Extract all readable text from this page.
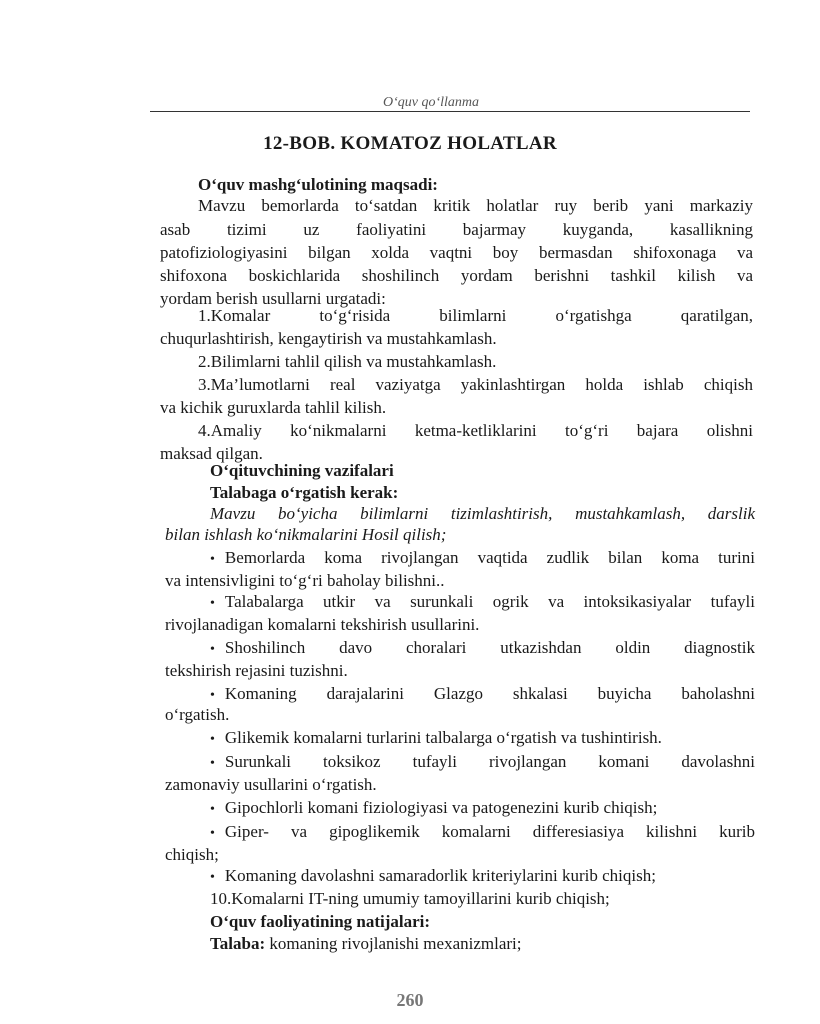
O‘quv qo‘llanma
12-BOB. KOMATOZ HOLATLAR
O‘quv mashg‘ulotining maqsadi:
Mavzu bemorlarda to‘satdan kritik holatlar ruy berib yani markaziy
asab tizimi uz faoliyatini bajarmay kuyganda, kasallikning
patofiziologiyasini bilgan xolda vaqtni boy bermasdan shifoxonaga va
shifoxona boskichlarida shoshilinch yordam berishni tashkil kilish va
yordam berish usullarni urgatadi:
1.Komalar to‘g‘risida bilimlarni o‘rgatishga qaratilgan,
chuqurlashtirish, kengaytirish va mustahkamlash.
2.Bilimlarni tahlil qilish va mustahkamlash.
3.Ma’lumotlarni real vaziyatga yakinlashtirgan holda ishlab chiqish
va kichik guruxlarda tahlil kilish.
4.Amaliy ko‘nikmalarni ketma-ketliklarini to‘g‘ri bajara olishni
maksad qilgan.
O‘qituvchining vazifalari
Talabaga o‘rgatish kerak:
Mavzu bo‘yicha bilimlarni tizimlashtirish, mustahkamlash, darslik
bilan ishlash ko‘nikmalarini Hosil qilish;
• Bemorlarda koma rivojlangan vaqtida zudlik bilan koma turini
va intensivligini to‘g‘ri baholay bilishni..
• Talabalarga utkir va surunkali ogrik va intoksikasiyalar tufayli
rivojlanadigan komalarni tekshirish usullarini.
• Shoshilinch davo choralari utkazishdan oldin diagnostik
tekshirish rejasini tuzishni.
• Komaning darajalarini Glazgo shkalasi buyicha baholashni
o‘rgatish.
• Glikemik komalarni turlarini talbalarga o‘rgatish va tushintirish.
• Surunkali toksikoz tufayli rivojlangan komani davolashni
zamonaviy usullarini o‘rgatish.
• Gipochlorli komani fiziologiyasi va patogenezini kurib chiqish;
• Giper- va gipoglikemik komalarni differesiasiya kilishni kurib
chiqish;
• Komaning davolashni samaradorlik kriteriylarini kurib chiqish;
10.Komalarni IT-ning umumiy tamoyillarini kurib chiqish;
O‘quv faoliyatining natijalari:
Talaba: komaning rivojlanishi mexanizmlari;
260
